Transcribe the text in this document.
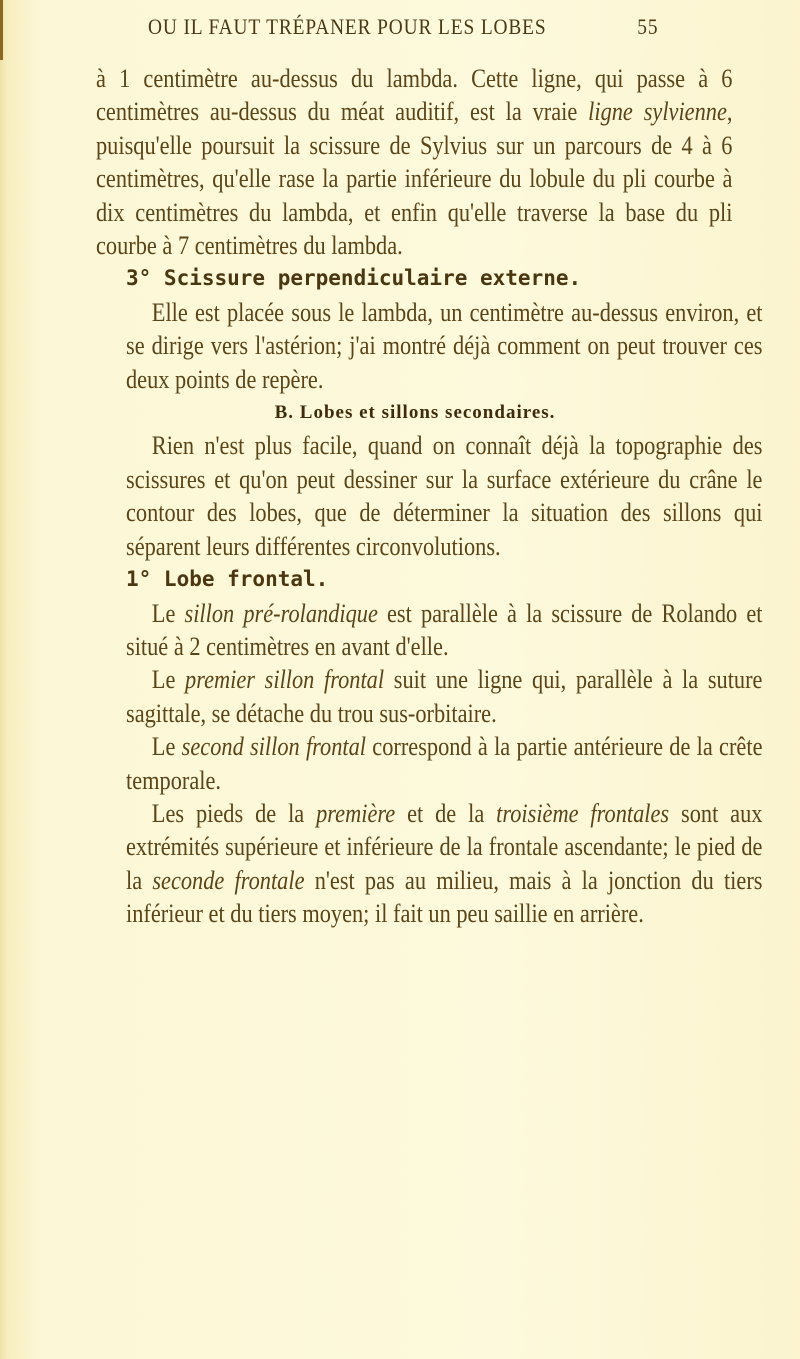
OU IL FAUT TRÉPANER POUR LES LOBES	55

à 1 centimètre au-dessus du lambda. Cette ligne, qui passe à 6 centimètres au-dessus du méat auditif, est la vraie ligne sylvienne, puisqu'elle poursuit la scissure de Sylvius sur un parcours de 4 à 6 centimètres, qu'elle rase la partie inférieure du lobule du pli courbe à dix centimètres du lambda, et enfin qu'elle traverse la base du pli courbe à 7 centimètres du lambda.

3° Scissure perpendiculaire externe.

Elle est placée sous le lambda, un centimètre au-dessus environ, et se dirige vers l'astérion; j'ai montré déjà comment on peut trouver ces deux points de repère.

B. Lobes et sillons secondaires.

Rien n'est plus facile, quand on connaît déjà la topographie des scissures et qu'on peut dessiner sur la surface extérieure du crâne le contour des lobes, que de déterminer la situation des sillons qui séparent leurs différentes circonvolutions.

1° Lobe frontal.

Le sillon pré-rolandique est parallèle à la scissure de Rolando et situé à 2 centimètres en avant d'elle.

Le premier sillon frontal suit une ligne qui, parallèle à la suture sagittale, se détache du trou sus-orbitaire.

Le second sillon frontal correspond à la partie antérieure de la crête temporale.

Les pieds de la première et de la troisième frontales sont aux extrémités supérieure et inférieure de la frontale ascendante; le pied de la seconde frontale n'est pas au milieu, mais à la jonction du tiers inférieur et du tiers moyen; il fait un peu saillie en arrière.
